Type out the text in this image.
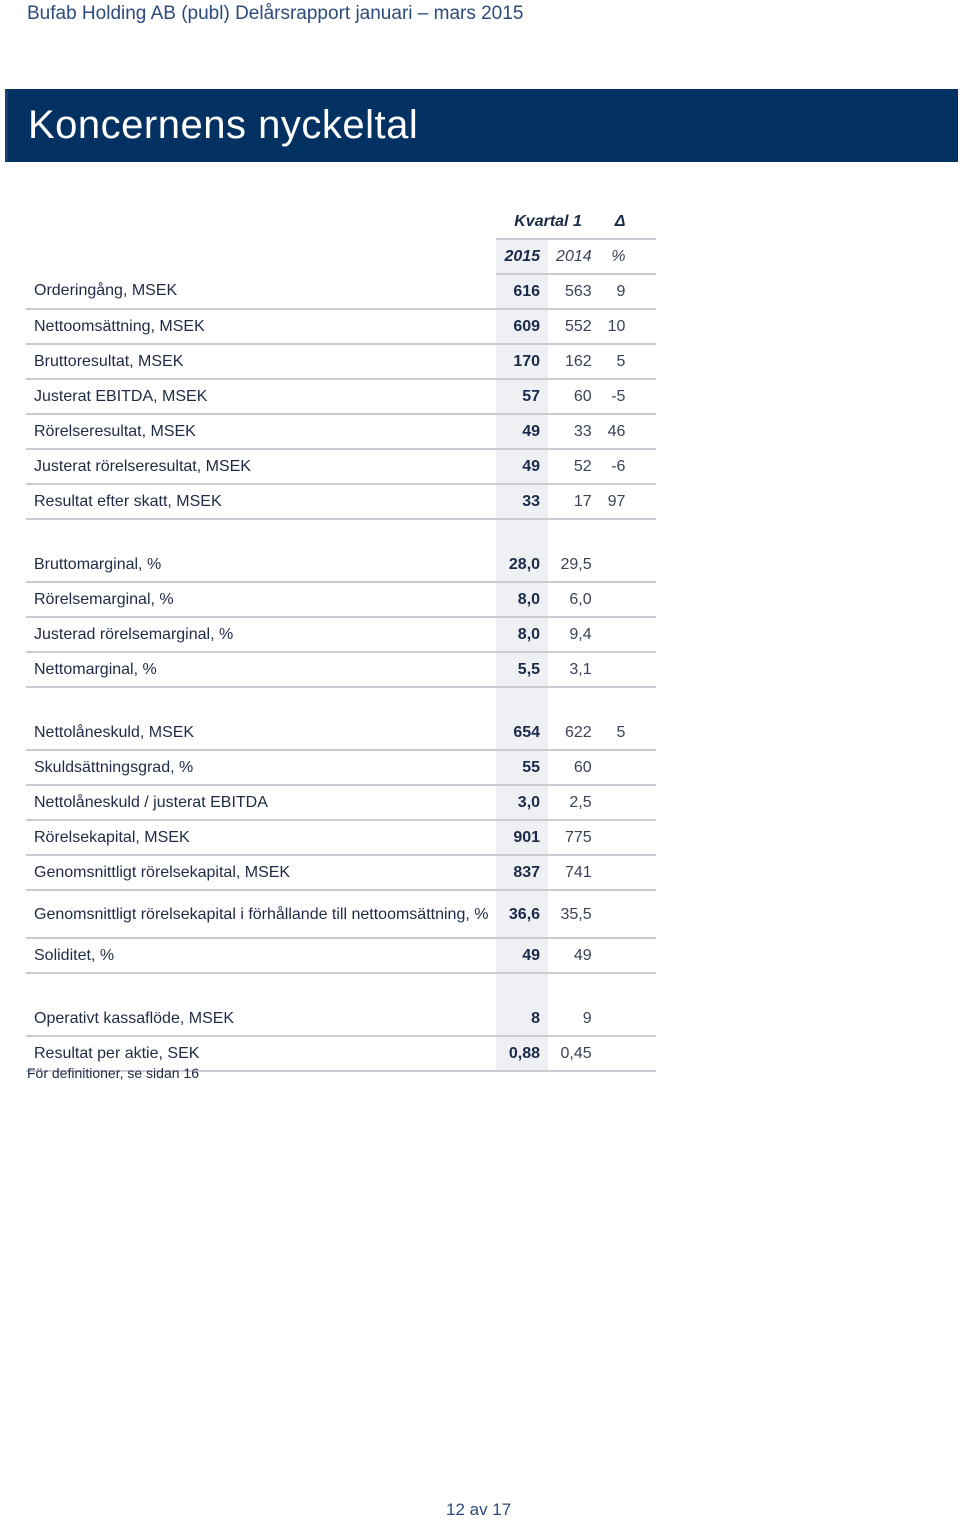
Bufab Holding AB (publ) Delårsrapport januari – mars 2015
Koncernens nyckeltal
	Kvartal 1		Δ
	2015	2014	%
Orderingång, MSEK	616	563	9
Nettoomsättning, MSEK	609	552	10
Bruttoresultat, MSEK	170	162	5
Justerat EBITDA, MSEK	57	60	-5
Rörelseresultat, MSEK	49	33	46
Justerat rörelseresultat, MSEK	49	52	-6
Resultat efter skatt, MSEK	33	17	97

Bruttomarginal, %	28,0	29,5	
Rörelsemarginal, %	8,0	6,0	
Justerad rörelsemarginal, %	8,0	9,4	
Nettomarginal, %	5,5	3,1	

Nettolåneskuld, MSEK	654	622	5
Skuldsättningsgrad, %	55	60	
Nettolåneskuld / justerat EBITDA	3,0	2,5	
Rörelsekapital, MSEK	901	775	
Genomsnittligt rörelsekapital, MSEK	837	741	
Genomsnittligt rörelsekapital i förhållande till nettoomsättning, %	36,6	35,5	
Soliditet, %	49	49	

Operativt kassaflöde, MSEK	8	9	
Resultat per aktie, SEK	0,88	0,45	
För definitioner, se sidan 16
12 av 17
